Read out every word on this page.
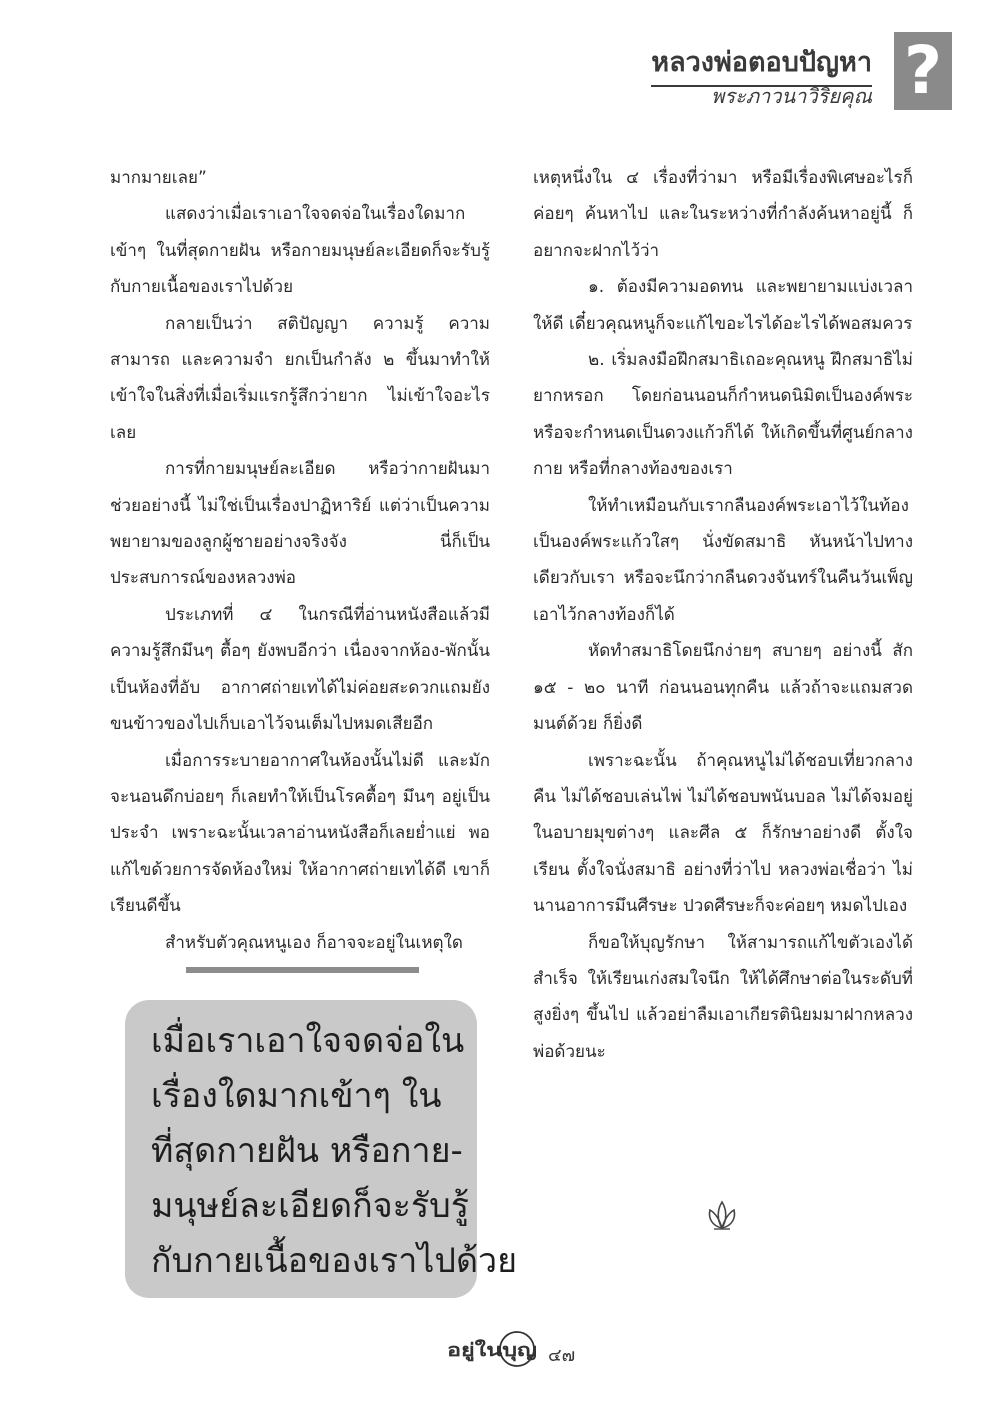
หลวงพ่อตอบปัญหา
พระภาวนาวิริยคุณ ?

มากมายเลย”

แสดงว่าเมื่อเราเอาใจจดจ่อในเรื่องใดมากเข้าๆ ในที่สุดกายฝัน หรือกายมนุษย์ละเอียดก็จะรับรู้กับกายเนื้อของเราไปด้วย

กลายเป็นว่า สติปัญญา ความรู้ ความสามารถ และความจำ ยกเป็นกำลัง ๒ ขึ้นมาทำให้เข้าใจในสิ่งที่เมื่อเริ่มแรกรู้สึกว่ายาก ไม่เข้าใจอะไรเลย

การที่กายมนุษย์ละเอียด หรือว่ากายฝันมาช่วยอย่างนี้ ไม่ใช่เป็นเรื่องปาฏิหาริย์ แต่ว่าเป็นความพยายามของลูกผู้ชายอย่างจริงจัง นี่ก็เป็นประสบการณ์ของหลวงพ่อ

ประเภทที่ ๔ ในกรณีที่อ่านหนังสือแล้วมีความรู้สึกมึนๆ ตื้อๆ ยังพบอีกว่า เนื่องจากห้อง-พักนั้นเป็นห้องที่อับ อากาศถ่ายเทได้ไม่ค่อยสะดวกแถมยังขนข้าวของไปเก็บเอาไว้จนเต็มไปหมดเสียอีก

เมื่อการระบายอากาศในห้องนั้นไม่ดี และมักจะนอนดึกบ่อยๆ ก็เลยทำให้เป็นโรคตื้อๆ มึนๆ อยู่เป็นประจำ เพราะฉะนั้นเวลาอ่านหนังสือก็เลยย่ำแย่ พอแก้ไขด้วยการจัดห้องใหม่ ให้อากาศถ่ายเทได้ดี เขาก็เรียนดีขึ้น

สำหรับตัวคุณหนูเอง ก็อาจจะอยู่ในเหตุใด

เหตุหนึ่งใน ๔ เรื่องที่ว่ามา หรือมีเรื่องพิเศษอะไรก็ค่อยๆ ค้นหาไป และในระหว่างที่กำลังค้นหาอยู่นี้ ก็อยากจะฝากไว้ว่า

๑. ต้องมีความอดทน และพยายามแบ่งเวลาให้ดี เดี๋ยวคุณหนูก็จะแก้ไขอะไรได้อะไรได้พอสมควร

๒. เริ่มลงมือฝึกสมาธิเถอะคุณหนู ฝึกสมาธิไม่ยากหรอก โดยก่อนนอนก็กำหนดนิมิตเป็นองค์พระ หรือจะกำหนดเป็นดวงแก้วก็ได้ ให้เกิดขึ้นที่ศูนย์กลางกาย หรือที่กลางท้องของเรา

ให้ทำเหมือนกับเรากลืนองค์พระเอาไว้ในท้องเป็นองค์พระแก้วใสๆ นั่งขัดสมาธิ หันหน้าไปทางเดียวกับเรา หรือจะนึกว่ากลืนดวงจันทร์ในคืนวันเพ็ญเอาไว้กลางท้องก็ได้

หัดทำสมาธิโดยนึกง่ายๆ สบายๆ อย่างนี้ สัก ๑๕ - ๒๐ นาที ก่อนนอนทุกคืน แล้วถ้าจะแถมสวดมนต์ด้วย ก็ยิ่งดี

เพราะฉะนั้น ถ้าคุณหนูไม่ได้ชอบเที่ยวกลางคืน ไม่ได้ชอบเล่นไพ่ ไม่ได้ชอบพนันบอล ไม่ได้จมอยู่ในอบายมุขต่างๆ และศีล ๕ ก็รักษาอย่างดี ตั้งใจเรียน ตั้งใจนั่งสมาธิ อย่างที่ว่าไป หลวงพ่อเชื่อว่า ไม่นานอาการมึนศีรษะ ปวดศีรษะก็จะค่อยๆ หมดไปเอง

ก็ขอให้บุญรักษา ให้สามารถแก้ไขตัวเองได้สำเร็จ ให้เรียนเก่งสมใจนึก ให้ได้ศึกษาต่อในระดับที่สูงยิ่งๆ ขึ้นไป แล้วอย่าลืมเอาเกียรตินิยมมาฝากหลวงพ่อด้วยนะ

เมื่อเราเอาใจจดจ่อใน
เรื่องใดมากเข้าๆ ใน
ที่สุดกายฝัน หรือกาย-
มนุษย์ละเอียดก็จะรับรู้
กับกายเนื้อของเราไปด้วย
อยู่ในบุญ	๔๗
